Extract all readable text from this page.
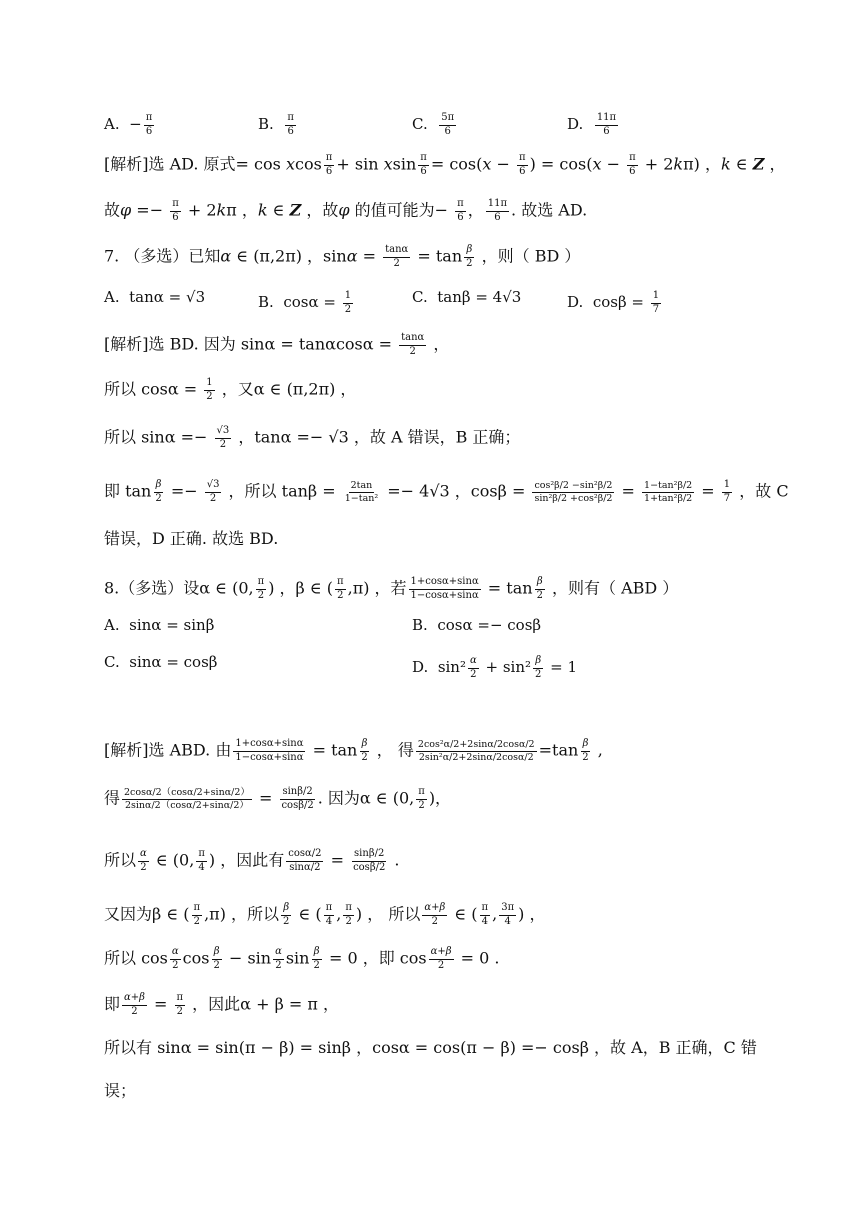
A. − $\frac{\pi}{6}$	B. $\frac{\pi}{6}$	C. $\frac{5\pi}{6}$	D. $\frac{11\pi}{6}$
[解析]选 AD. 原式= cos xcos $\frac{\pi}{6} + \sin xsin \frac{\pi}{6} = \cos(x - \frac{\pi}{6}$ ) = $\cos(x - \frac{\pi}{6} + 2k\pi)$ ，k ∈ Z ，
故$\varphi =- \frac{\pi}{6} + 2k\pi$ ，k ∈ Z ，故φ 的值可能为− $\frac{\pi}{6}$ ， $\frac{11\pi}{6}$ . 故选 AD.
7. （多选）已知α ∈ (π,2π) ，$\sin\alpha = \frac{\tan\alpha}{2} = \tan \frac{\beta}{2}$ ，则（ BD ）
A. tanα = √3	B. $\cos\alpha = \frac{1}{2}$	C. tanβ = 4√3	D. $\cos\beta = \frac{1}{7}$
[解析]选 BD. 因为 $\sin\alpha = \tan\alpha\cos\alpha = \frac{\tan\alpha}{2}$ ，
所以 $\cos\alpha = \frac{1}{2}$ ，又α ∈ (π,2π) ，
所以 $\sin\alpha =- \frac{√3}{2}$ ，tanα =− √3 ，故 A 错误，B 正确；
即 $\tan \frac{\beta}{2} =- \frac{√3}{2}$ ，所以 $\tan\beta = \frac{2\tan}{\text{1−tan²}} =- 4√3$ ，$\cos\beta = \frac{\text{cos²β/2 −sin²β/2}}{\text{sin²β/2 +cos²β/2}} = \frac{\text{1−tan²β/2}}{\text{1+tan²β/2}} = \frac{1}{7}$ ，故 C
错误，D 正确. 故选 BD.
8.（多选）设α ∈ (0, $\frac{\pi}{2}$ ) ，β ∈ ( $\frac{\pi}{2} ,\pi$) ，若 $\frac{1+\cos\alpha+\sin\alpha}{1-\cos\alpha+\sin\alpha} = \tan \frac{\beta}{2}$ ，则有（ ABD ）
A. sinα = sinβ	B. cosα =− cosβ
C. sinα = cosβ	D. $\sin^2 \frac{\alpha}{2} + \sin^2 \frac{\beta}{2} = 1$
[解析]选 ABD. 由 $\frac{1+\cos\alpha+\sin\alpha}{1-\cos\alpha+\sin\alpha} = \tan \frac{\beta}{2}$ ， 得 $\frac{\text{2cos²α/2+2sinα/2cosα/2}}{\text{2sin²α/2+2sinα/2cosα/2}} =\tan \frac{\beta}{2}$ ,
得 $\frac{2\cos\alpha/2(\cos\alpha/2+\sin\alpha/2)}{2\sin\alpha/2(\cos\alpha/2+\sin\alpha/2)} = \frac{\sin\beta/2}{\cos\beta/2}$ . 因为α ∈ (0, $\frac{\pi}{2}$ )，
所以 $\frac{\alpha}{2}$ ∈ (0, $\frac{\pi}{4}$ ) ，因此有 $\frac{\cos\alpha/2}{\sin\alpha/2} = \frac{\sin\beta/2}{\cos\beta/2}$ .
又因为β ∈ ( $\frac{\pi}{2} ,\pi$) ，所以 $\frac{\beta}{2}$ ∈ ( $\frac{\pi}{4}$ , $\frac{\pi}{2}$ ) ， 所以 $\frac{\alpha+\beta}{2}$ ∈ ( $\frac{\pi}{4}$ , $\frac{3\pi}{4}$ ) ，
所以 $\cos \frac{\alpha}{2}$ $\cos \frac{\beta}{2} - \sin \frac{\alpha}{2}$ $\sin \frac{\beta}{2} = 0$ ，即 $\cos \frac{\alpha+\beta}{2} = 0$ .
即 $\frac{\alpha+\beta}{2} = \frac{\pi}{2}$ ，因此α + β = π ，
所以有 sinα = sin(π − β) = sinβ ，cosα = cos(π − β) =− cosβ ，故 A，B 正确，C 错
误；
